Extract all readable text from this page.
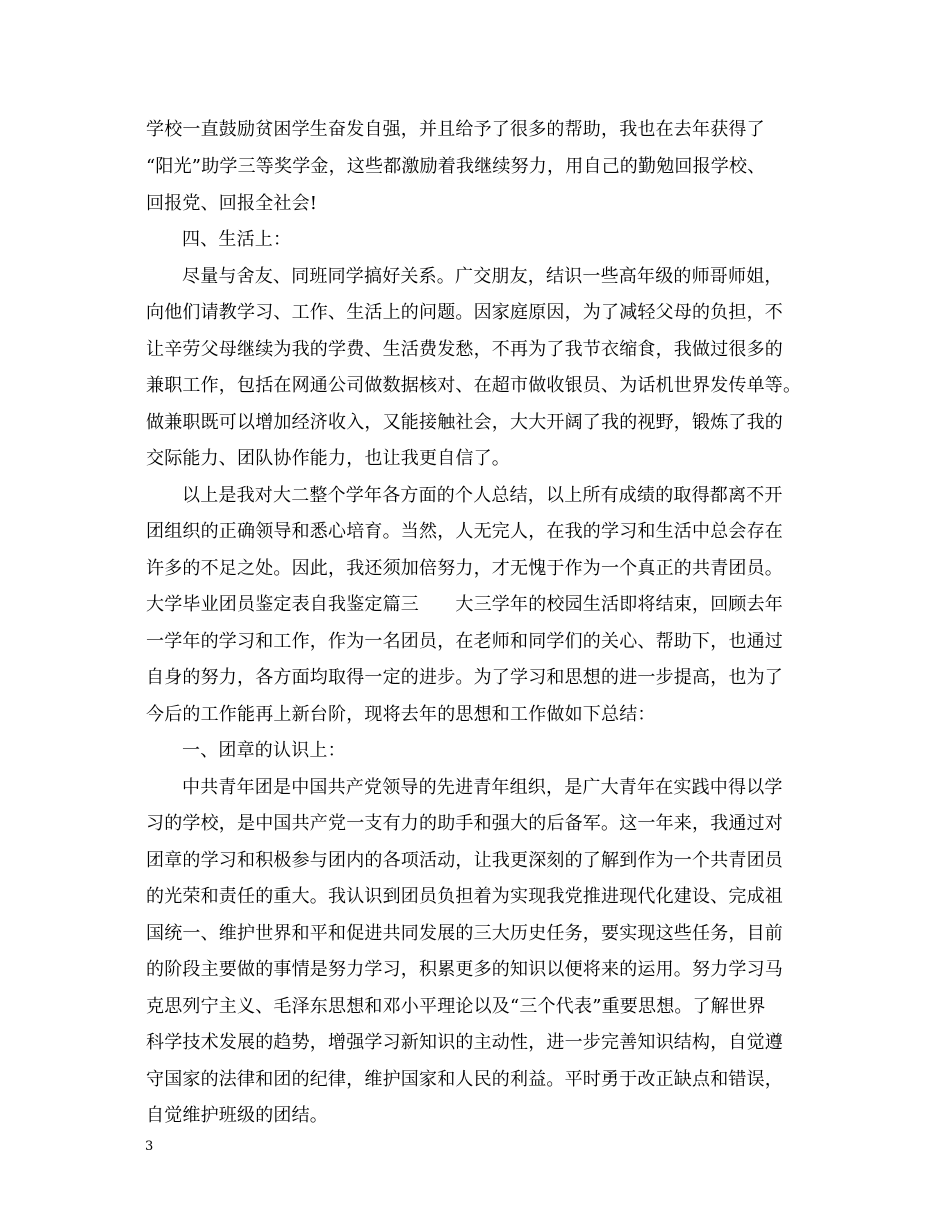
学校一直鼓励贫困学生奋发自强，并且给予了很多的帮助，我也在去年获得了
“阳光”助学三等奖学金，这些都激励着我继续努力，用自己的勤勉回报学校、
回报党、回报全社会!
四、生活上：
尽量与舍友、同班同学搞好关系。广交朋友，结识一些高年级的师哥师姐，
向他们请教学习、工作、生活上的问题。因家庭原因，为了减轻父母的负担，不
让辛劳父母继续为我的学费、生活费发愁，不再为了我节衣缩食，我做过很多的
兼职工作，包括在网通公司做数据核对、在超市做收银员、为话机世界发传单等。
做兼职既可以增加经济收入，又能接触社会，大大开阔了我的视野，锻炼了我的
交际能力、团队协作能力，也让我更自信了。
以上是我对大二整个学年各方面的个人总结，以上所有成绩的取得都离不开
团组织的正确领导和悉心培育。当然，人无完人，在我的学习和生活中总会存在
许多的不足之处。因此，我还须加倍努力，才无愧于作为一个真正的共青团员。
大学毕业团员鉴定表自我鉴定篇三　　大三学年的校园生活即将结束，回顾去年
一学年的学习和工作，作为一名团员，在老师和同学们的关心、帮助下，也通过
自身的努力，各方面均取得一定的进步。为了学习和思想的进一步提高，也为了
今后的工作能再上新台阶，现将去年的思想和工作做如下总结：
一、团章的认识上：
中共青年团是中国共产党领导的先进青年组织，是广大青年在实践中得以学
习的学校，是中国共产党一支有力的助手和强大的后备军。这一年来，我通过对
团章的学习和积极参与团内的各项活动，让我更深刻的了解到作为一个共青团员
的光荣和责任的重大。我认识到团员负担着为实现我党推进现代化建设、完成祖
国统一、维护世界和平和促进共同发展的三大历史任务，要实现这些任务，目前
的阶段主要做的事情是努力学习，积累更多的知识以便将来的运用。努力学习马
克思列宁主义、毛泽东思想和邓小平理论以及“三个代表”重要思想。了解世界
科学技术发展的趋势，增强学习新知识的主动性，进一步完善知识结构，自觉遵
守国家的法律和团的纪律，维护国家和人民的利益。平时勇于改正缺点和错误，
自觉维护班级的团结。
3
